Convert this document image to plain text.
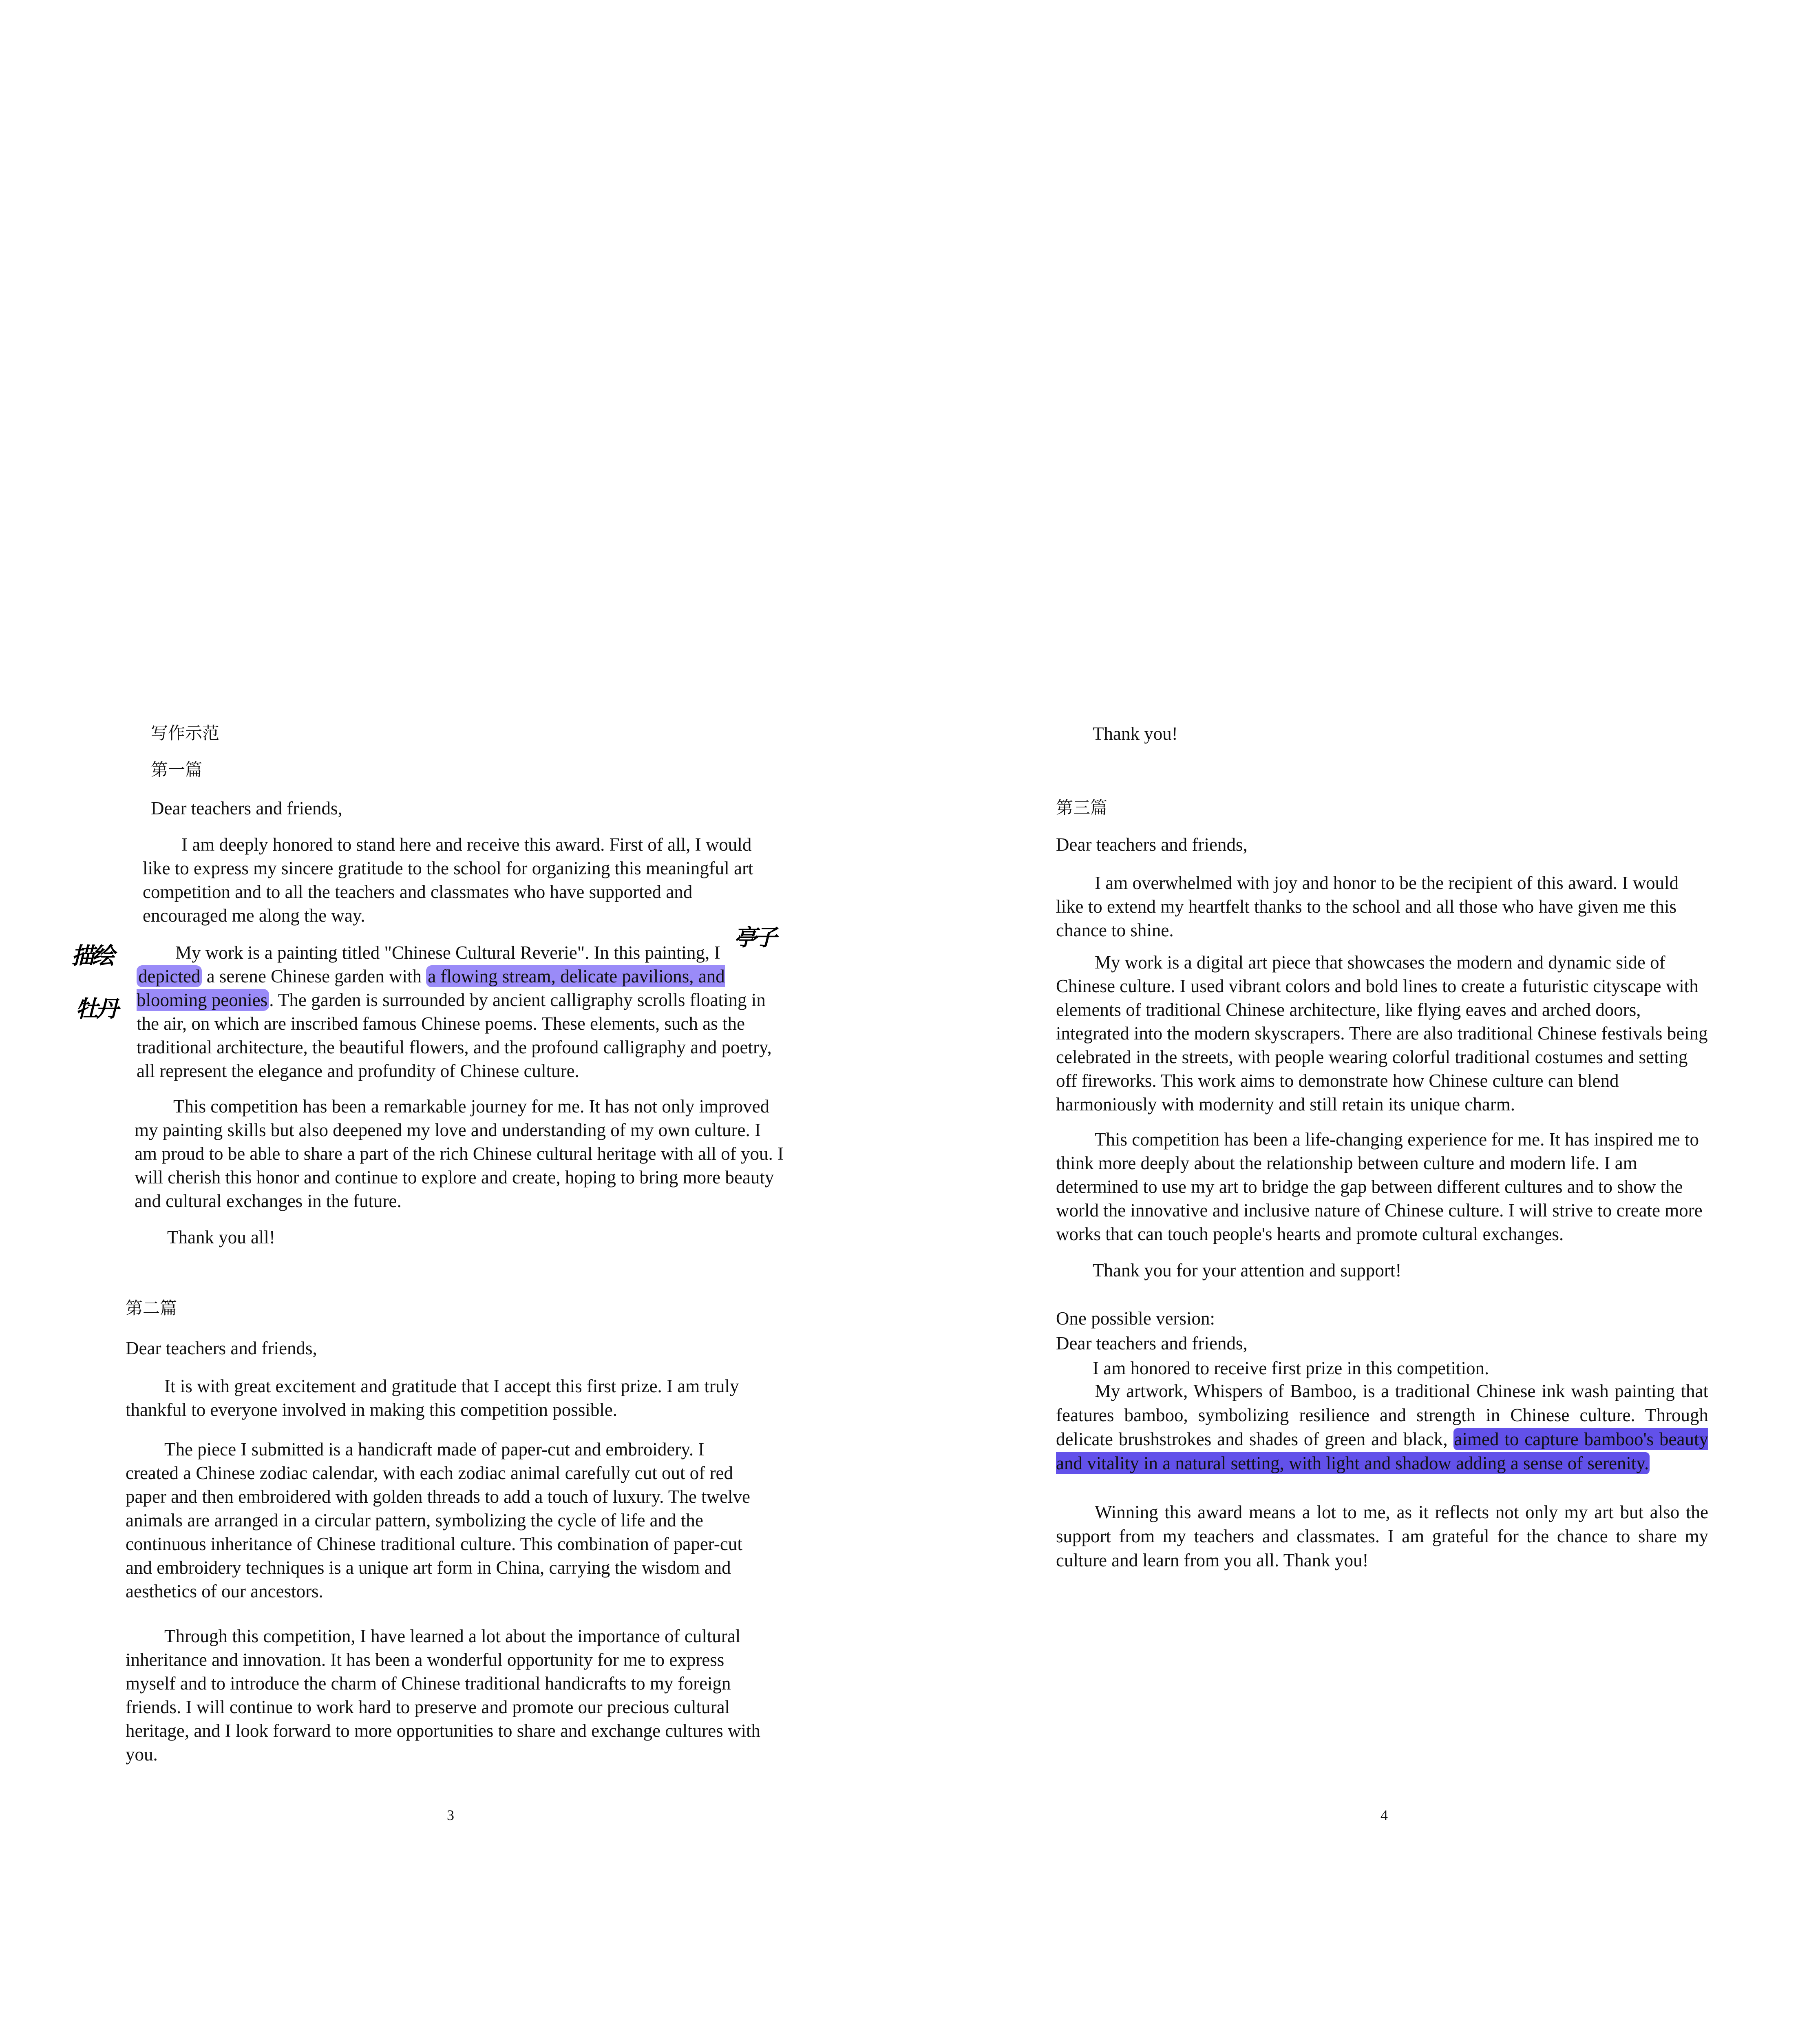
写作示范

第一篇

Dear teachers and friends,

I am deeply honored to stand here and receive this award. First of all, I would like to express my sincere gratitude to the school for organizing this meaningful art competition and to all the teachers and classmates who have supported and encouraged me along the way.

My work is a painting titled "Chinese Cultural Reverie". In this painting, I depicted a serene Chinese garden with a flowing stream, delicate pavilions, and blooming peonies. The garden is surrounded by ancient calligraphy scrolls floating in the air, on which are inscribed famous Chinese poems. These elements, such as the traditional architecture, the beautiful flowers, and the profound calligraphy and poetry, all represent the elegance and profundity of Chinese culture.

描绘
亭子
牡丹

This competition has been a remarkable journey for me. It has not only improved my painting skills but also deepened my love and understanding of my own culture. I am proud to be able to share a part of the rich Chinese cultural heritage with all of you. I will cherish this honor and continue to explore and create, hoping to bring more beauty and cultural exchanges in the future.

Thank you all!

第二篇

Dear teachers and friends,

It is with great excitement and gratitude that I accept this first prize. I am truly thankful to everyone involved in making this competition possible.

The piece I submitted is a handicraft made of paper-cut and embroidery. I created a Chinese zodiac calendar, with each zodiac animal carefully cut out of red paper and then embroidered with golden threads to add a touch of luxury. The twelve animals are arranged in a circular pattern, symbolizing the cycle of life and the continuous inheritance of Chinese traditional culture. This combination of paper-cut and embroidery techniques is a unique art form in China, carrying the wisdom and aesthetics of our ancestors.

Through this competition, I have learned a lot about the importance of cultural inheritance and innovation. It has been a wonderful opportunity for me to express myself and to introduce the charm of Chinese traditional handicrafts to my foreign friends. I will continue to work hard to preserve and promote our precious cultural heritage, and I look forward to more opportunities to share and exchange cultures with you.

3

Thank you!

第三篇

Dear teachers and friends,

I am overwhelmed with joy and honor to be the recipient of this award. I would like to extend my heartfelt thanks to the school and all those who have given me this chance to shine.

My work is a digital art piece that showcases the modern and dynamic side of Chinese culture. I used vibrant colors and bold lines to create a futuristic cityscape with elements of traditional Chinese architecture, like flying eaves and arched doors, integrated into the modern skyscrapers. There are also traditional Chinese festivals being celebrated in the streets, with people wearing colorful traditional costumes and setting off fireworks. This work aims to demonstrate how Chinese culture can blend harmoniously with modernity and still retain its unique charm.

This competition has been a life-changing experience for me. It has inspired me to think more deeply about the relationship between culture and modern life. I am determined to use my art to bridge the gap between different cultures and to show the world the innovative and inclusive nature of Chinese culture. I will strive to create more works that can touch people's hearts and promote cultural exchanges.

Thank you for your attention and support!

One possible version:

Dear teachers and friends,

I am honored to receive first prize in this competition.

My artwork, Whispers of Bamboo, is a traditional Chinese ink wash painting that features bamboo, symbolizing resilience and strength in Chinese culture. Through delicate brushstrokes and shades of green and black, aimed to capture bamboo's beauty and vitality in a natural setting, with light and shadow adding a sense of serenity.

Winning this award means a lot to me, as it reflects not only my art but also the support from my teachers and classmates. I am grateful for the chance to share my culture and learn from you all. Thank you!

4
